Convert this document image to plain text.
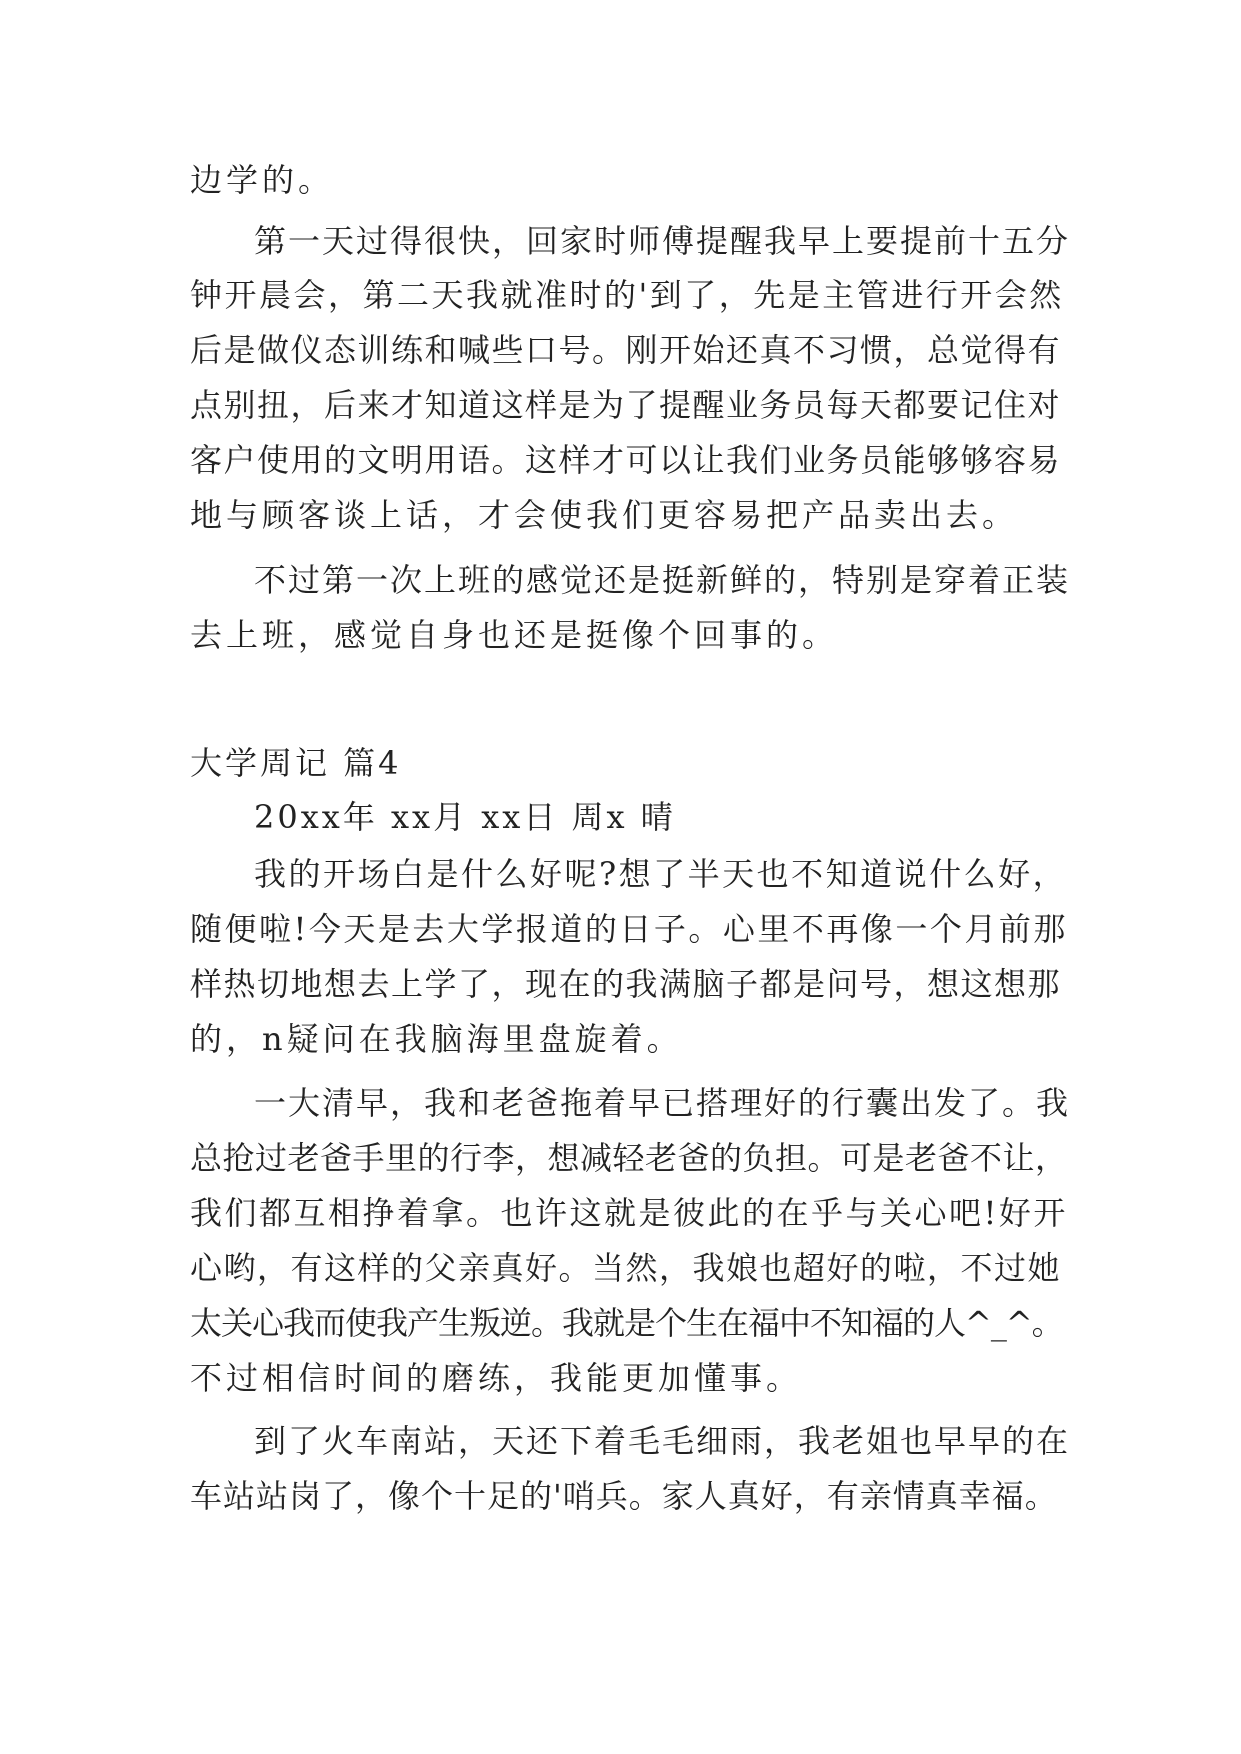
边学的。
第一天过得很快，回家时师傅提醒我早上要提前十五分
钟开晨会，第二天我就准时的'到了，先是主管进行开会然
后是做仪态训练和喊些口号。刚开始还真不习惯，总觉得有
点别扭，后来才知道这样是为了提醒业务员每天都要记住对
客户使用的文明用语。这样才可以让我们业务员能够够容易
地与顾客谈上话，才会使我们更容易把产品卖出去。
不过第一次上班的感觉还是挺新鲜的，特别是穿着正装
去上班，感觉自身也还是挺像个回事的。
大学周记 篇4
20xx年 xx月 xx日 周x 晴
我的开场白是什么好呢?想了半天也不知道说什么好，
随便啦!今天是去大学报道的日子。心里不再像一个月前那
样热切地想去上学了，现在的我满脑子都是问号，想这想那
的，n疑问在我脑海里盘旋着。
一大清早，我和老爸拖着早已搭理好的行囊出发了。我
总抢过老爸手里的行李，想减轻老爸的负担。可是老爸不让，
我们都互相挣着拿。也许这就是彼此的在乎与关心吧!好开
心哟，有这样的父亲真好。当然，我娘也超好的啦，不过她
太关心我而使我产生叛逆。我就是个生在福中不知福的人^_^。
不过相信时间的磨练，我能更加懂事。
到了火车南站，天还下着毛毛细雨，我老姐也早早的在
车站站岗了，像个十足的'哨兵。家人真好，有亲情真幸福。
